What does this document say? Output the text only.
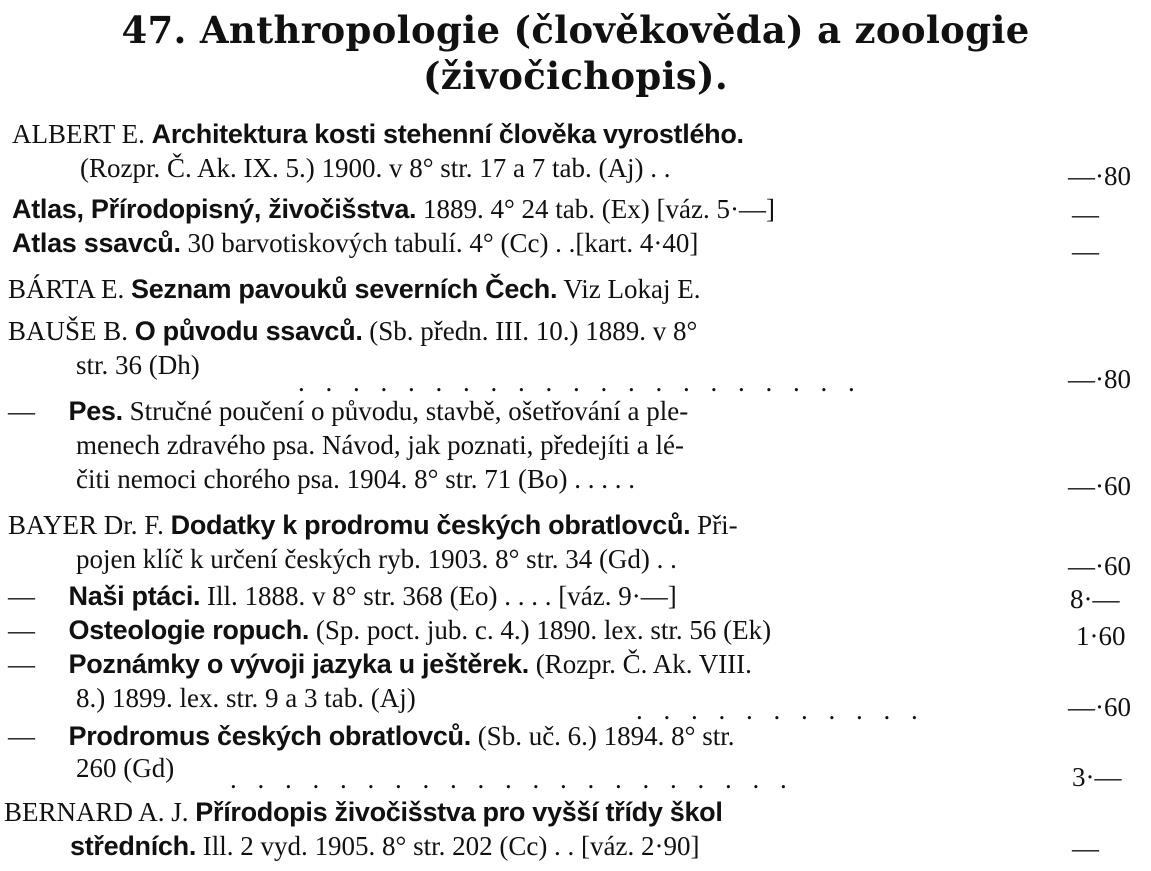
47. Anthropologie (člověkověda) a zoologie
(živočichopis).
ALBERT E. Architektura kosti stehenní člověka vyrostlého.
(Rozpr. Č. Ak. IX. 5.) 1900. v 8° str. 17 a 7 tab. (Aj) . .	—·80
Atlas, Přírodopisný, živočišstva. 1889. 4° 24 tab. (Ex) [váz. 5·—]	—
Atlas ssavců. 30 barvotiskových tabulí. 4° (Cc) . .[kart. 4·40]	—
BÁRTA E. Seznam pavouků severních Čech. Viz Lokaj E.
BAUŠE B. O původu ssavců. (Sb. předn. III. 10.) 1889. v 8°
str. 36 (Dh)
. . . . . . . . . . . . . . . . . . . . .	—·80
— Pes. Stručné poučení o původu, stavbě, ošetřování a ple-
menech zdravého psa. Návod, jak poznati, předejíti a lé-
čiti nemoci chorého psa. 1904. 8° str. 71 (Bo) . . . . .	—·60
BAYER Dr. F. Dodatky k prodromu českých obratlovců. Při-
pojen klíč k určení českých ryb. 1903. 8° str. 34 (Gd) . .	—·60
— Naši ptáci. Ill. 1888. v 8° str. 368 (Eo) . . . . [váz. 9·—]	8·—
— Osteologie ropuch. (Sp. poct. jub. c. 4.) 1890. lex. str. 56 (Ek)	1·60
— Poznámky o vývoji jazyka u ještěrek. (Rozpr. Č. Ak. VIII.
8.) 1899. lex. str. 9 a 3 tab. (Aj)	. . . . . . . . . . .	—·60
— Prodromus českých obratlovců. (Sb. uč. 6.) 1894. 8° str.
260 (Gd) . . . . . . . . . . . . . . . . . . . . .	3·—
BERNARD A. J. Přírodopis živočišstva pro vyšší třídy škol
středních. Ill. 2 vyd. 1905. 8° str. 202 (Cc) . . [váz. 2·90]	—
